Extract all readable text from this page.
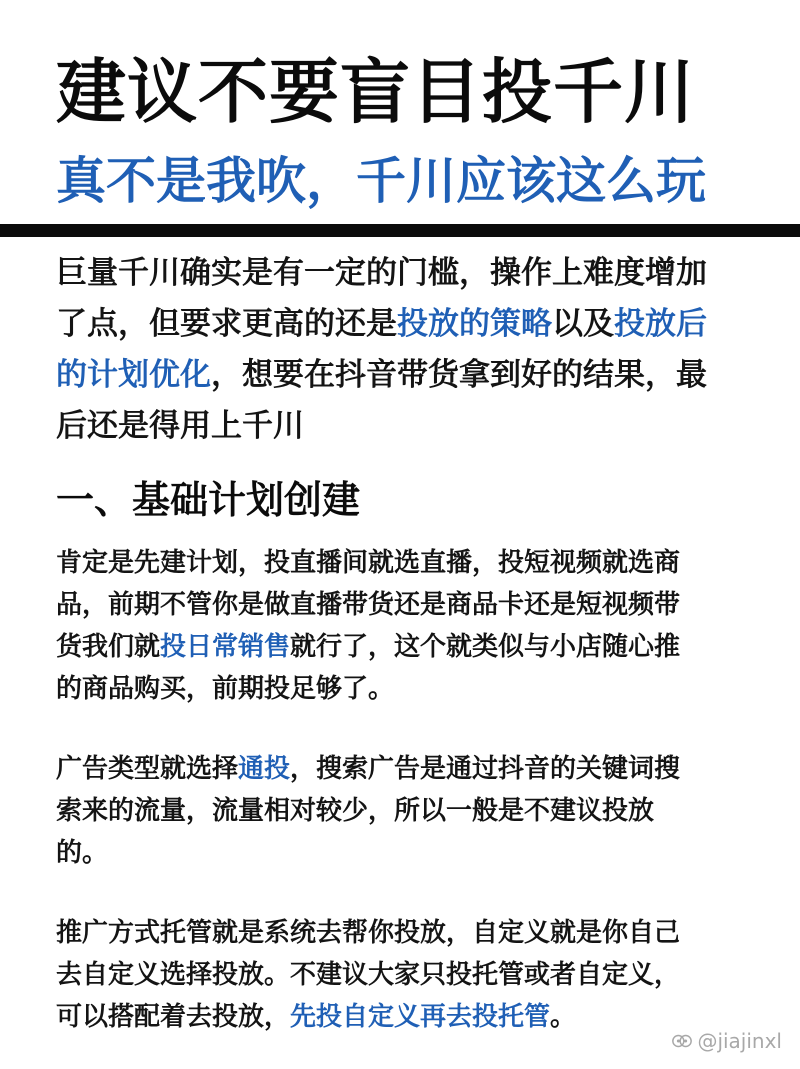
建议不要盲目投千川
真不是我吹，千川应该这么玩

巨量千川确实是有一定的门槛，操作上难度增加
了点，但要求更高的还是投放的策略以及投放后
的计划优化，想要在抖音带货拿到好的结果，最
后还是得用上千川

一、基础计划创建

肯定是先建计划，投直播间就选直播，投短视频就选商
品，前期不管你是做直播带货还是商品卡还是短视频带
货我们就投日常销售就行了，这个就类似与小店随心推
的商品购买，前期投足够了。

广告类型就选择通投，搜索广告是通过抖音的关键词搜
索来的流量，流量相对较少，所以一般是不建议投放
的。

推广方式托管就是系统去帮你投放，自定义就是你自己
去自定义选择投放。不建议大家只投托管或者自定义，
可以搭配着去投放，先投自定义再去投托管。

@jiajinxl
